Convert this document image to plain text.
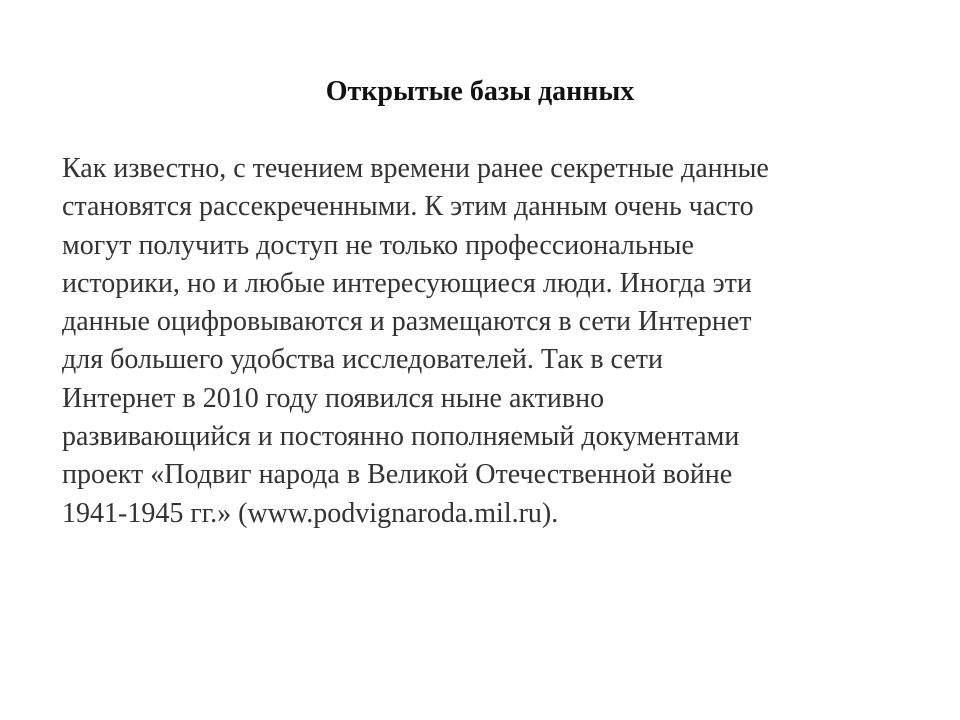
Открытые базы данных

Как известно, с течением времени ранее секретные данные
становятся рассекреченными. К этим данным очень часто
могут получить доступ не только профессиональные
историки, но и любые интересующиеся люди. Иногда эти
данные оцифровываются и размещаются в сети Интернет
для большего удобства исследователей. Так в сети
Интернет в 2010 году появился ныне активно
развивающийся и постоянно пополняемый документами
проект «Подвиг народа в Великой Отечественной войне
1941-1945 гг.» (www.podvignaroda.mil.ru).
